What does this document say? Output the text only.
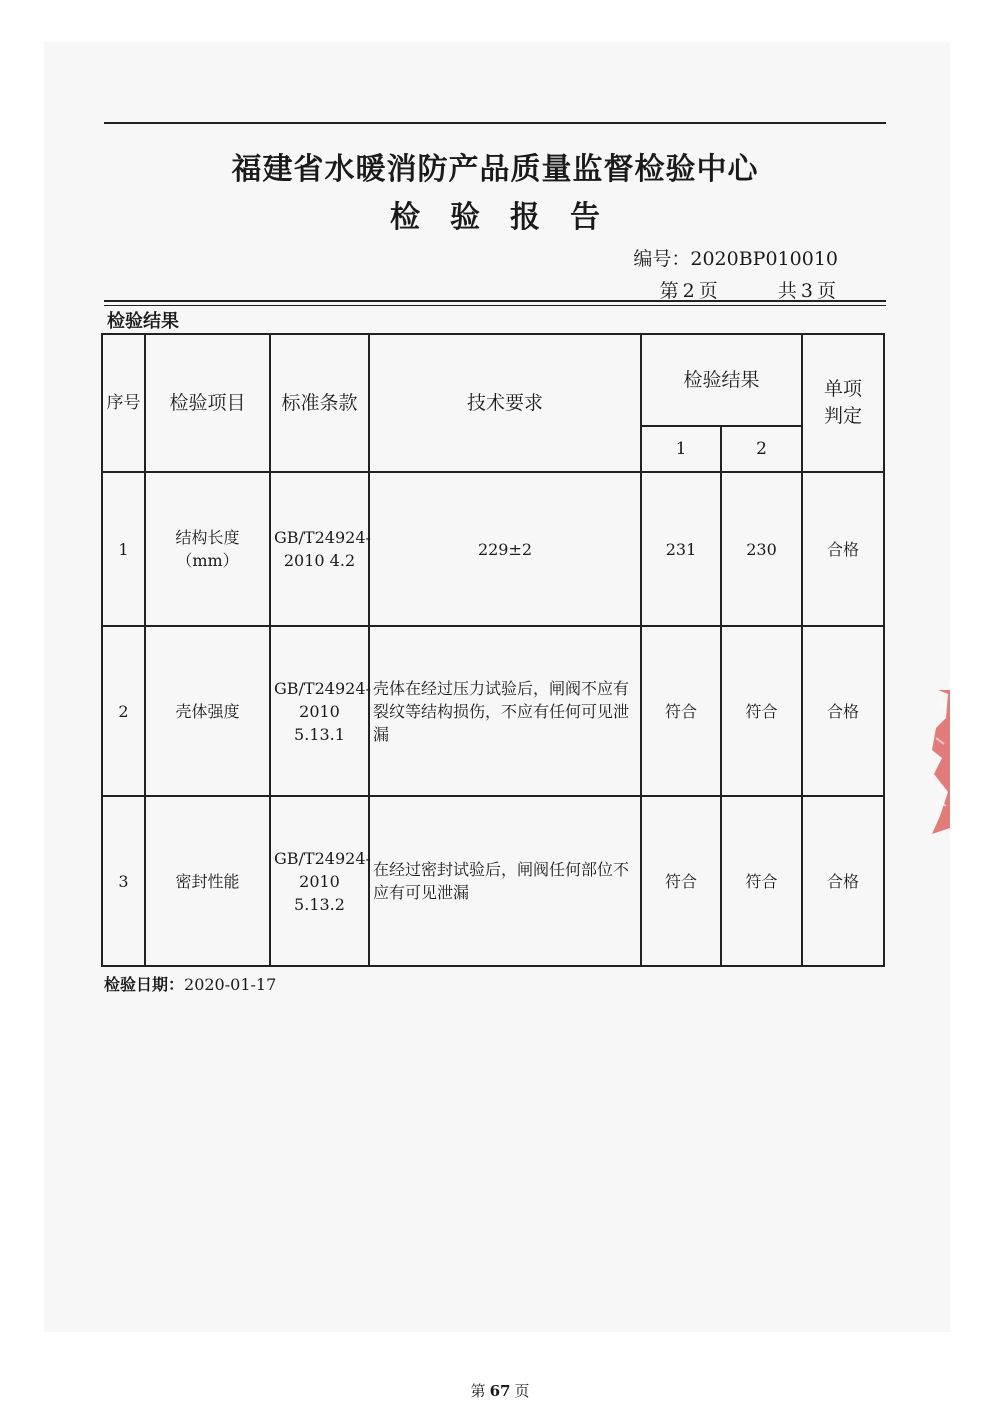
福建省水暖消防产品质量监督检验中心
检验报告
编号：2020BP010010
第 2 页	共 3 页
检验结果
序号	检验项目	标准条款	技术要求	检验结果		单项判定
				1	2	
1	结构长度（mm）	GB/T24924-2010 4.2	229±2	231	230	合格
2	壳体强度	GB/T24924-2010 5.13.1	壳体在经过压力试验后，闸阀不应有裂纹等结构损伤，不应有任何可见泄漏	符合	符合	合格
3	密封性能	GB/T24924-2010 5.13.2	在经过密封试验后，闸阀任何部位不应有可见泄漏	符合	符合	合格
检验日期：2020-01-17
第 67 页
